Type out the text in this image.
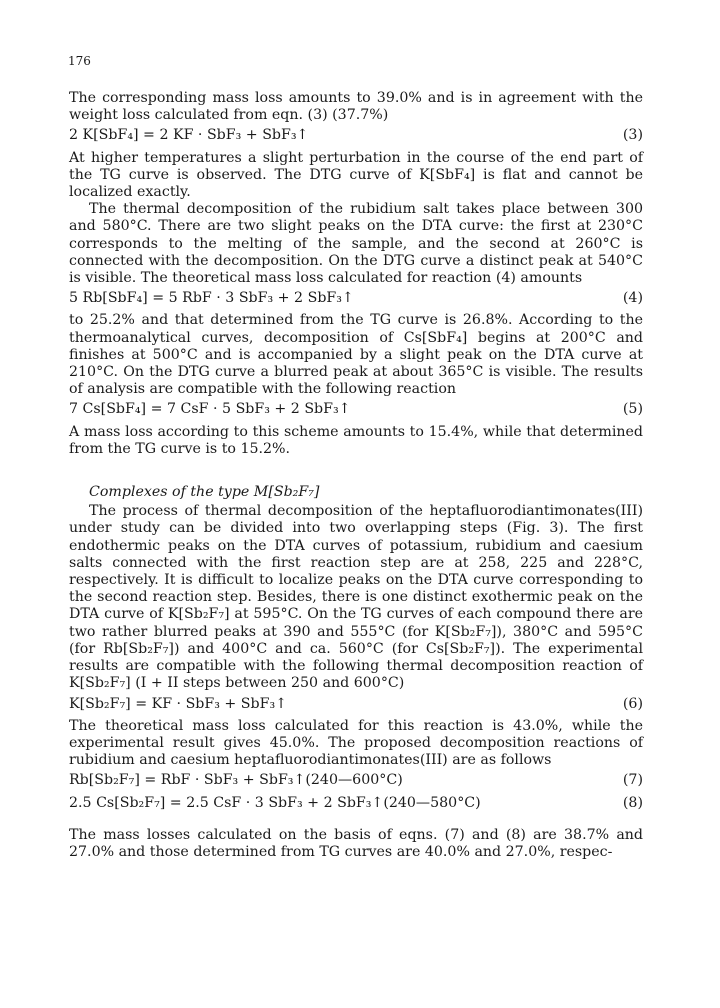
176

The corresponding mass loss amounts to 39.0% and is in agreement with the weight loss calculated from eqn. (3) (37.7%)

2 K[SbF₄] = 2 KF · SbF₃ + SbF₃↑	(3)

At higher temperatures a slight perturbation in the course of the end part of the TG curve is observed. The DTG curve of K[SbF₄] is flat and cannot be localized exactly.

The thermal decomposition of the rubidium salt takes place between 300 and 580°C. There are two slight peaks on the DTA curve: the first at 230°C corresponds to the melting of the sample, and the second at 260°C is connected with the decomposition. On the DTG curve a distinct peak at 540°C is visible. The theoretical mass loss calculated for reaction (4) amounts

5 Rb[SbF₄] = 5 RbF · 3 SbF₃ + 2 SbF₃↑	(4)

to 25.2% and that determined from the TG curve is 26.8%. According to the thermoanalytical curves, decomposition of Cs[SbF₄] begins at 200°C and finishes at 500°C and is accompanied by a slight peak on the DTA curve at 210°C. On the DTG curve a blurred peak at about 365°C is visible. The results of analysis are compatible with the following reaction

7 Cs[SbF₄] = 7 CsF · 5 SbF₃ + 2 SbF₃↑	(5)

A mass loss according to this scheme amounts to 15.4%, while that determined from the TG curve is to 15.2%.

Complexes of the type M[Sb₂F₇]

The process of thermal decomposition of the heptafluorodiantimonates(III) under study can be divided into two overlapping steps (Fig. 3). The first endothermic peaks on the DTA curves of potassium, rubidium and caesium salts connected with the first reaction step are at 258, 225 and 228°C, respectively. It is difficult to localize peaks on the DTA curve corresponding to the second reaction step. Besides, there is one distinct exothermic peak on the DTA curve of K[Sb₂F₇] at 595°C. On the TG curves of each compound there are two rather blurred peaks at 390 and 555°C (for K[Sb₂F₇]), 380°C and 595°C (for Rb[Sb₂F₇]) and 400°C and ca. 560°C (for Cs[Sb₂F₇]). The experimental results are compatible with the following thermal decomposition reaction of K[Sb₂F₇] (I + II steps between 250 and 600°C)

K[Sb₂F₇] = KF · SbF₃ + SbF₃↑	(6)

The theoretical mass loss calculated for this reaction is 43.0%, while the experimental result gives 45.0%. The proposed decomposition reactions of rubidium and caesium heptafluorodiantimonates(III) are as follows

Rb[Sb₂F₇] = RbF · SbF₃ + SbF₃↑(240—600°C)	(7)
2.5 Cs[Sb₂F₇] = 2.5 CsF · 3 SbF₃ + 2 SbF₃↑(240—580°C)	(8)

The mass losses calculated on the basis of eqns. (7) and (8) are 38.7% and 27.0% and those determined from TG curves are 40.0% and 27.0%, respec-
